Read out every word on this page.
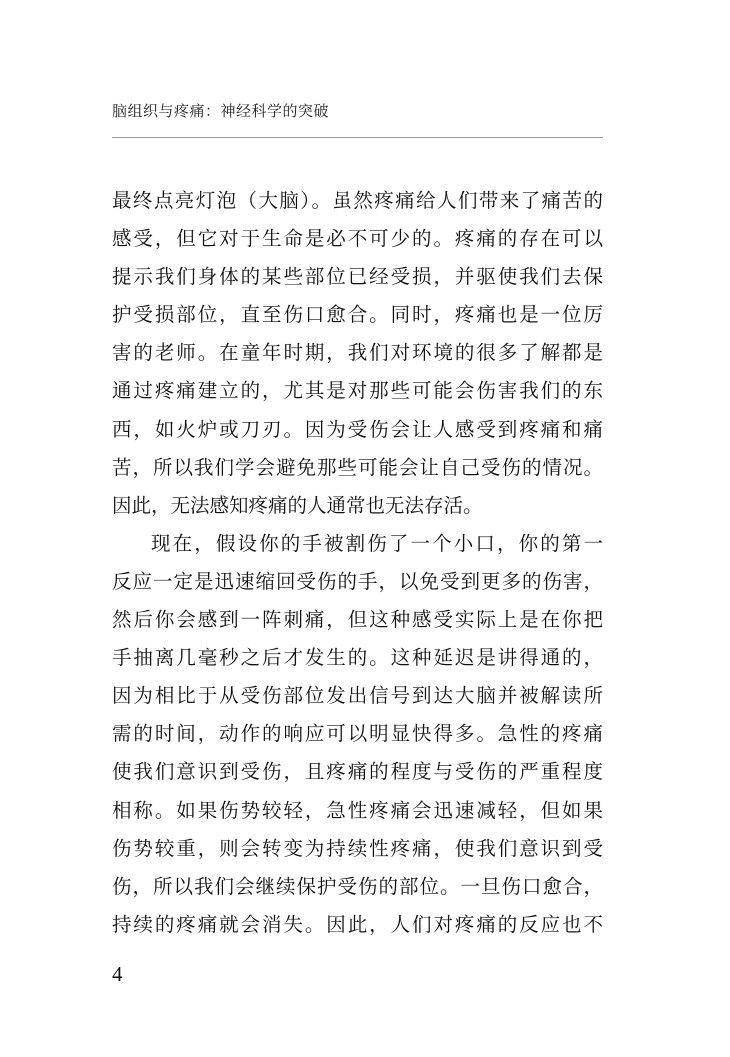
脑组织与疼痛：神经科学的突破
最终点亮灯泡（大脑）。虽然疼痛给人们带来了痛苦的
感受，但它对于生命是必不可少的。疼痛的存在可以
提示我们身体的某些部位已经受损，并驱使我们去保
护受损部位，直至伤口愈合。同时，疼痛也是一位厉
害的老师。在童年时期，我们对环境的很多了解都是
通过疼痛建立的，尤其是对那些可能会伤害我们的东
西，如火炉或刀刃。因为受伤会让人感受到疼痛和痛
苦，所以我们学会避免那些可能会让自己受伤的情况。
因此，无法感知疼痛的人通常也无法存活。
现在，假设你的手被割伤了一个小口，你的第一
反应一定是迅速缩回受伤的手，以免受到更多的伤害，
然后你会感到一阵刺痛，但这种感受实际上是在你把
手抽离几毫秒之后才发生的。这种延迟是讲得通的，
因为相比于从受伤部位发出信号到达大脑并被解读所
需的时间，动作的响应可以明显快得多。急性的疼痛
使我们意识到受伤，且疼痛的程度与受伤的严重程度
相称。如果伤势较轻，急性疼痛会迅速减轻，但如果
伤势较重，则会转变为持续性疼痛，使我们意识到受
伤，所以我们会继续保护受伤的部位。一旦伤口愈合，
持续的疼痛就会消失。因此，人们对疼痛的反应也不
4
